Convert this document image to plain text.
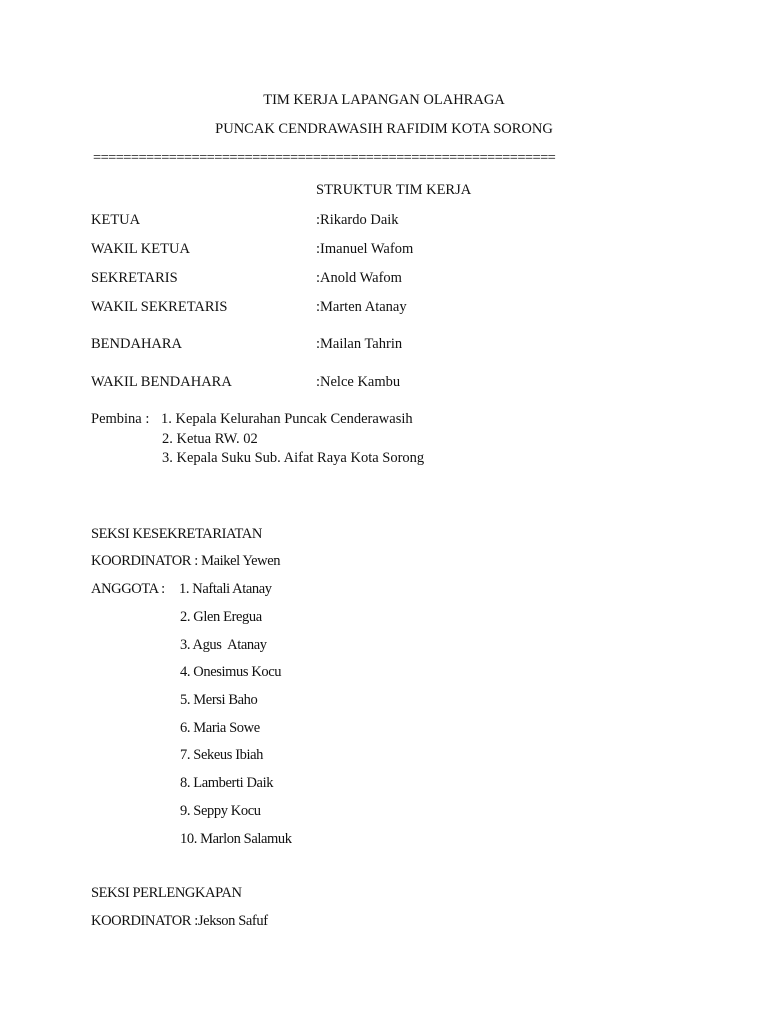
TIM KERJA LAPANGAN OLAHRAGA
PUNCAK CENDRAWASIH RAFIDIM KOTA SORONG
=============================================================
STRUKTUR TIM KERJA
KETUA	:Rikardo Daik
WAKIL KETUA	:Imanuel Wafom
SEKRETARIS	:Anold Wafom
WAKIL SEKRETARIS	:Marten Atanay
BENDAHARA	:Mailan Tahrin
WAKIL BENDAHARA	:Nelce Kambu
Pembina : 1. Kepala Kelurahan Puncak Cenderawasih
2. Ketua RW. 02
3. Kepala Suku Sub. Aifat Raya Kota Sorong
SEKSI KESEKRETARIATAN
KOORDINATOR : Maikel Yewen
ANGGOTA : 1. Naftali Atanay
2. Glen Eregua
3. Agus  Atanay
4. Onesimus Kocu
5. Mersi Baho
6. Maria Sowe
7. Sekeus Ibiah
8. Lamberti Daik
9. Seppy Kocu
10. Marlon Salamuk
SEKSI PERLENGKAPAN
KOORDINATOR :Jekson Safuf
